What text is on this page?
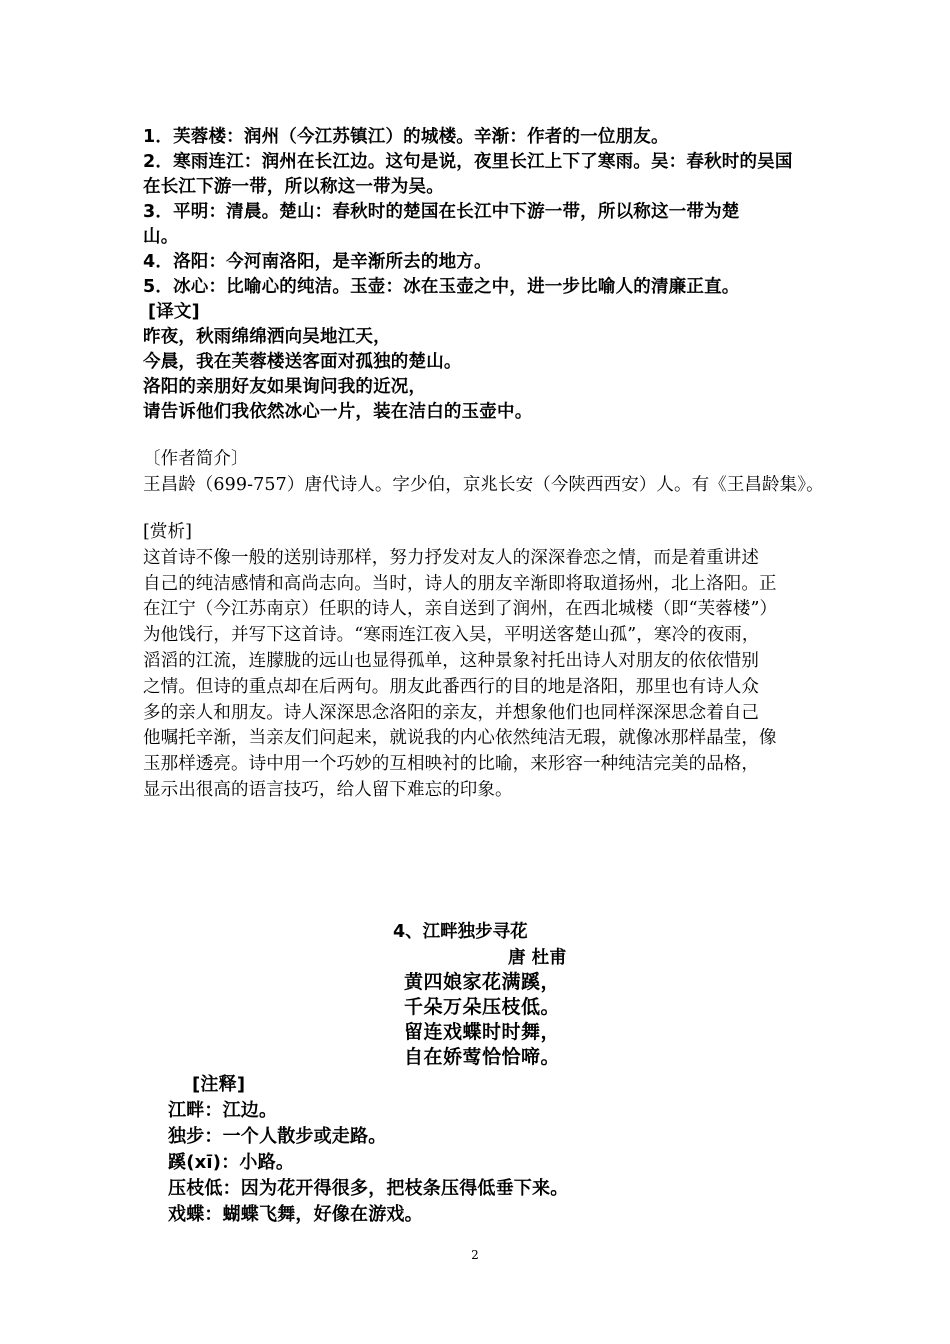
1．芙蓉楼：润州（今江苏镇江）的城楼。辛渐：作者的一位朋友。
2．寒雨连江：润州在长江边。这句是说，夜里长江上下了寒雨。吴：春秋时的吴国
在长江下游一带，所以称这一带为吴。
3．平明：清晨。楚山：春秋时的楚国在长江中下游一带，所以称这一带为楚
山。
4．洛阳：今河南洛阳，是辛渐所去的地方。
5．冰心：比喻心的纯洁。玉壶：冰在玉壶之中，进一步比喻人的清廉正直。
[译文]
昨夜，秋雨绵绵洒向吴地江天，
今晨，我在芙蓉楼送客面对孤独的楚山。
洛阳的亲朋好友如果询问我的近况，
请告诉他们我依然冰心一片，装在洁白的玉壶中。
〔作者简介〕
王昌龄（699-757）唐代诗人。字少伯，京兆长安（今陕西西安）人。有《王昌龄集》。
[赏析]
这首诗不像一般的送别诗那样，努力抒发对友人的深深眷恋之情，而是着重讲述
自己的纯洁感情和高尚志向。当时，诗人的朋友辛渐即将取道扬州，北上洛阳。正
在江宁（今江苏南京）任职的诗人，亲自送到了润州，在西北城楼（即“芙蓉楼”）
为他饯行，并写下这首诗。“寒雨连江夜入吴，平明送客楚山孤”，寒冷的夜雨，
滔滔的江流，连朦胧的远山也显得孤单，这种景象衬托出诗人对朋友的依依惜别
之情。但诗的重点却在后两句。朋友此番西行的目的地是洛阳，那里也有诗人众
多的亲人和朋友。诗人深深思念洛阳的亲友，并想象他们也同样深深思念着自己
他嘱托辛渐，当亲友们问起来，就说我的内心依然纯洁无瑕，就像冰那样晶莹，像
玉那样透亮。诗中用一个巧妙的互相映衬的比喻，来形容一种纯洁完美的品格，
显示出很高的语言技巧，给人留下难忘的印象。
4、江畔独步寻花
唐 杜甫
黄四娘家花满蹊，
千朵万朵压枝低。
留连戏蝶时时舞，
自在娇莺恰恰啼。
[注释]
江畔：江边。
独步：一个人散步或走路。
蹊(xī)：小路。
压枝低：因为花开得很多，把枝条压得低垂下来。
戏蝶：蝴蝶飞舞，好像在游戏。
2
